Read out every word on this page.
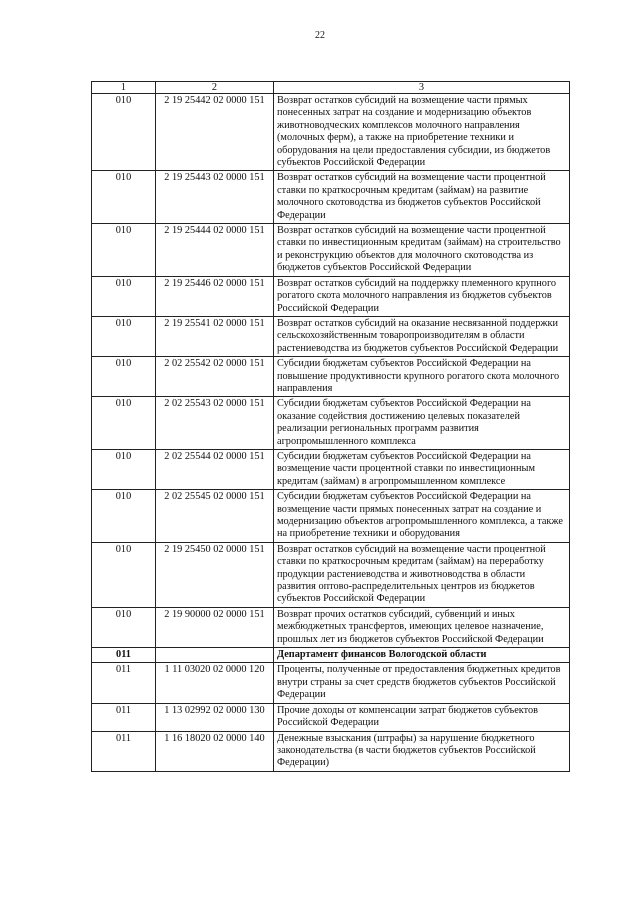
22
1	2	3
010	2 19 25442 02 0000 151	Возврат остатков субсидий на возмещение части прямых понесенных затрат на создание и модернизацию объектов животноводческих комплексов молочного направления (молочных ферм), а также на приобретение техники и оборудования на цели предоставления субсидии, из бюджетов субъектов Российской Федерации
010	2 19 25443 02 0000 151	Возврат остатков субсидий на возмещение части процентной ставки по краткосрочным кредитам (займам) на развитие молочного скотоводства из бюджетов субъектов Российской Федерации
010	2 19 25444 02 0000 151	Возврат остатков субсидий на возмещение части процентной ставки по инвестиционным кредитам (займам) на строительство и реконструкцию объектов для молочного скотоводства из бюджетов субъектов Российской Федерации
010	2 19 25446 02 0000 151	Возврат остатков субсидий на поддержку племенного крупного рогатого скота молочного направления из бюджетов субъектов Российской Федерации
010	2 19 25541 02 0000 151	Возврат остатков субсидий на оказание несвязанной поддержки сельскохозяйственным товаропроизводителям в области растениеводства из бюджетов субъектов Российской Федерации
010	2 02 25542 02 0000 151	Субсидии бюджетам субъектов Российской Федерации на повышение продуктивности крупного рогатого скота молочного направления
010	2 02 25543 02 0000 151	Субсидии бюджетам субъектов Российской Федерации на оказание содействия достижению целевых показателей реализации региональных программ развития агропромышленного комплекса
010	2 02 25544 02 0000 151	Субсидии бюджетам субъектов Российской Федерации на возмещение части процентной ставки по инвестиционным кредитам (займам) в агропромышленном комплексе
010	2 02 25545 02 0000 151	Субсидии бюджетам субъектов Российской Федерации на возмещение части прямых понесенных затрат на создание и модернизацию объектов агропромышленного комплекса, а также на приобретение техники и оборудования
010	2 19 25450 02 0000 151	Возврат остатков субсидий на возмещение части процентной ставки по краткосрочным кредитам (займам) на переработку продукции растениеводства и животноводства в области развития оптово-распределительных центров из бюджетов субъектов Российской Федерации
010	2 19 90000 02 0000 151	Возврат прочих остатков субсидий, субвенций и иных межбюджетных трансфертов, имеющих целевое назначение, прошлых лет из бюджетов субъектов Российской Федерации
011		Департамент финансов Вологодской области
011	1 11 03020 02 0000 120	Проценты, полученные от предоставления бюджетных кредитов внутри страны за счет средств бюджетов субъектов Российской Федерации
011	1 13 02992 02 0000 130	Прочие доходы от компенсации затрат бюджетов субъектов Российской Федерации
011	1 16 18020 02 0000 140	Денежные взыскания (штрафы) за нарушение бюджетного законодательства (в части бюджетов субъектов Российской Федерации)
